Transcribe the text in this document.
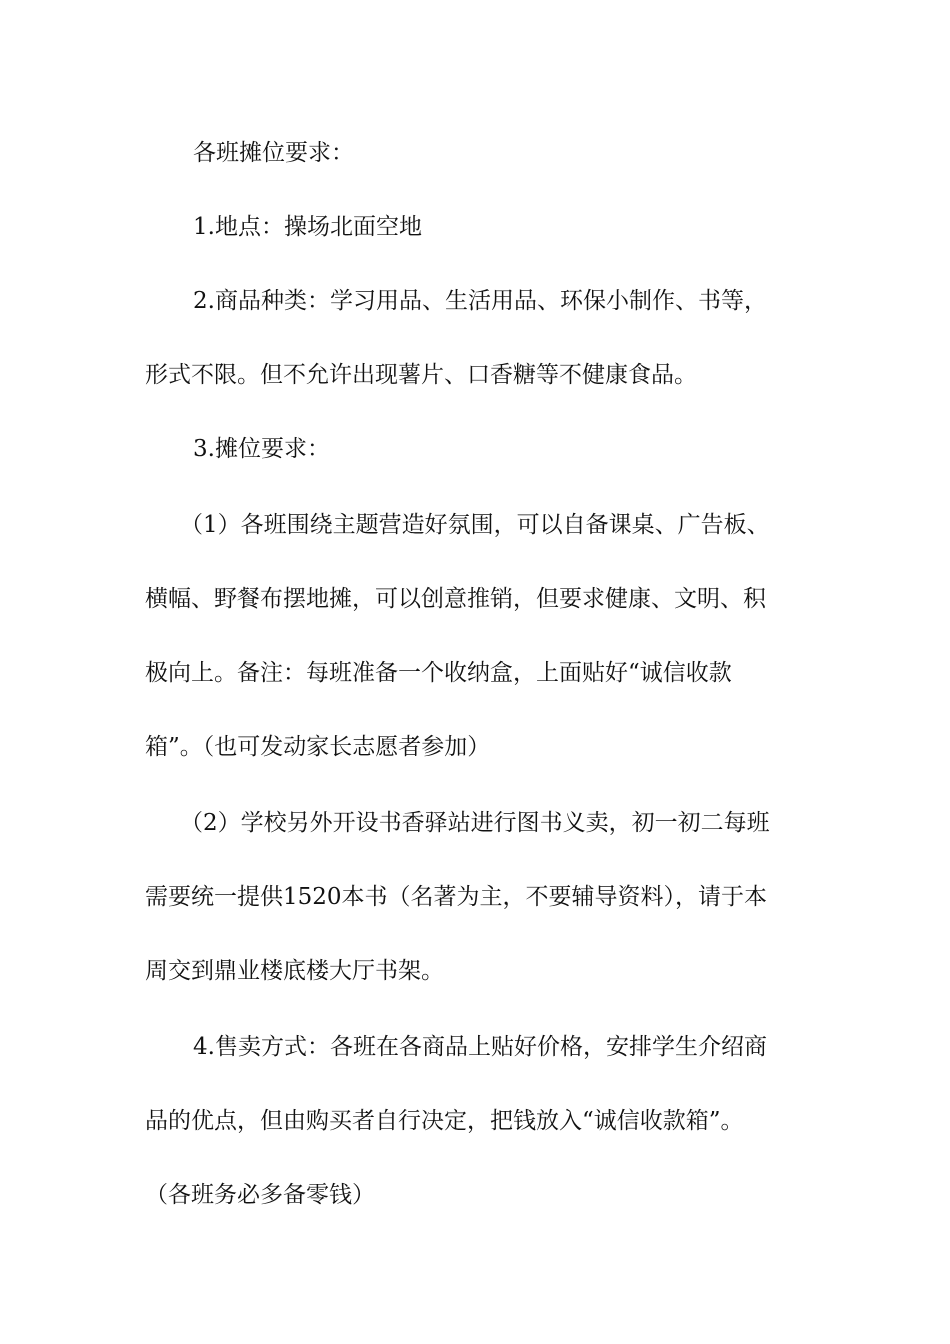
各班摊位要求：
1.地点：操场北面空地
2.商品种类：学习用品、生活用品、环保小制作、书等，
形式不限。但不允许出现薯片、口香糖等不健康食品。
3.摊位要求：
（1）各班围绕主题营造好氛围，可以自备课桌、广告板、
横幅、野餐布摆地摊，可以创意推销，但要求健康、文明、积
极向上。备注：每班准备一个收纳盒，上面贴好“诚信收款
箱”。（也可发动家长志愿者参加）
（2）学校另外开设书香驿站进行图书义卖，初一初二每班
需要统一提供1520本书（名著为主，不要辅导资料），请于本
周交到鼎业楼底楼大厅书架。
4.售卖方式：各班在各商品上贴好价格，安排学生介绍商
品的优点，但由购买者自行决定，把钱放入“诚信收款箱”。
（各班务必多备零钱）
